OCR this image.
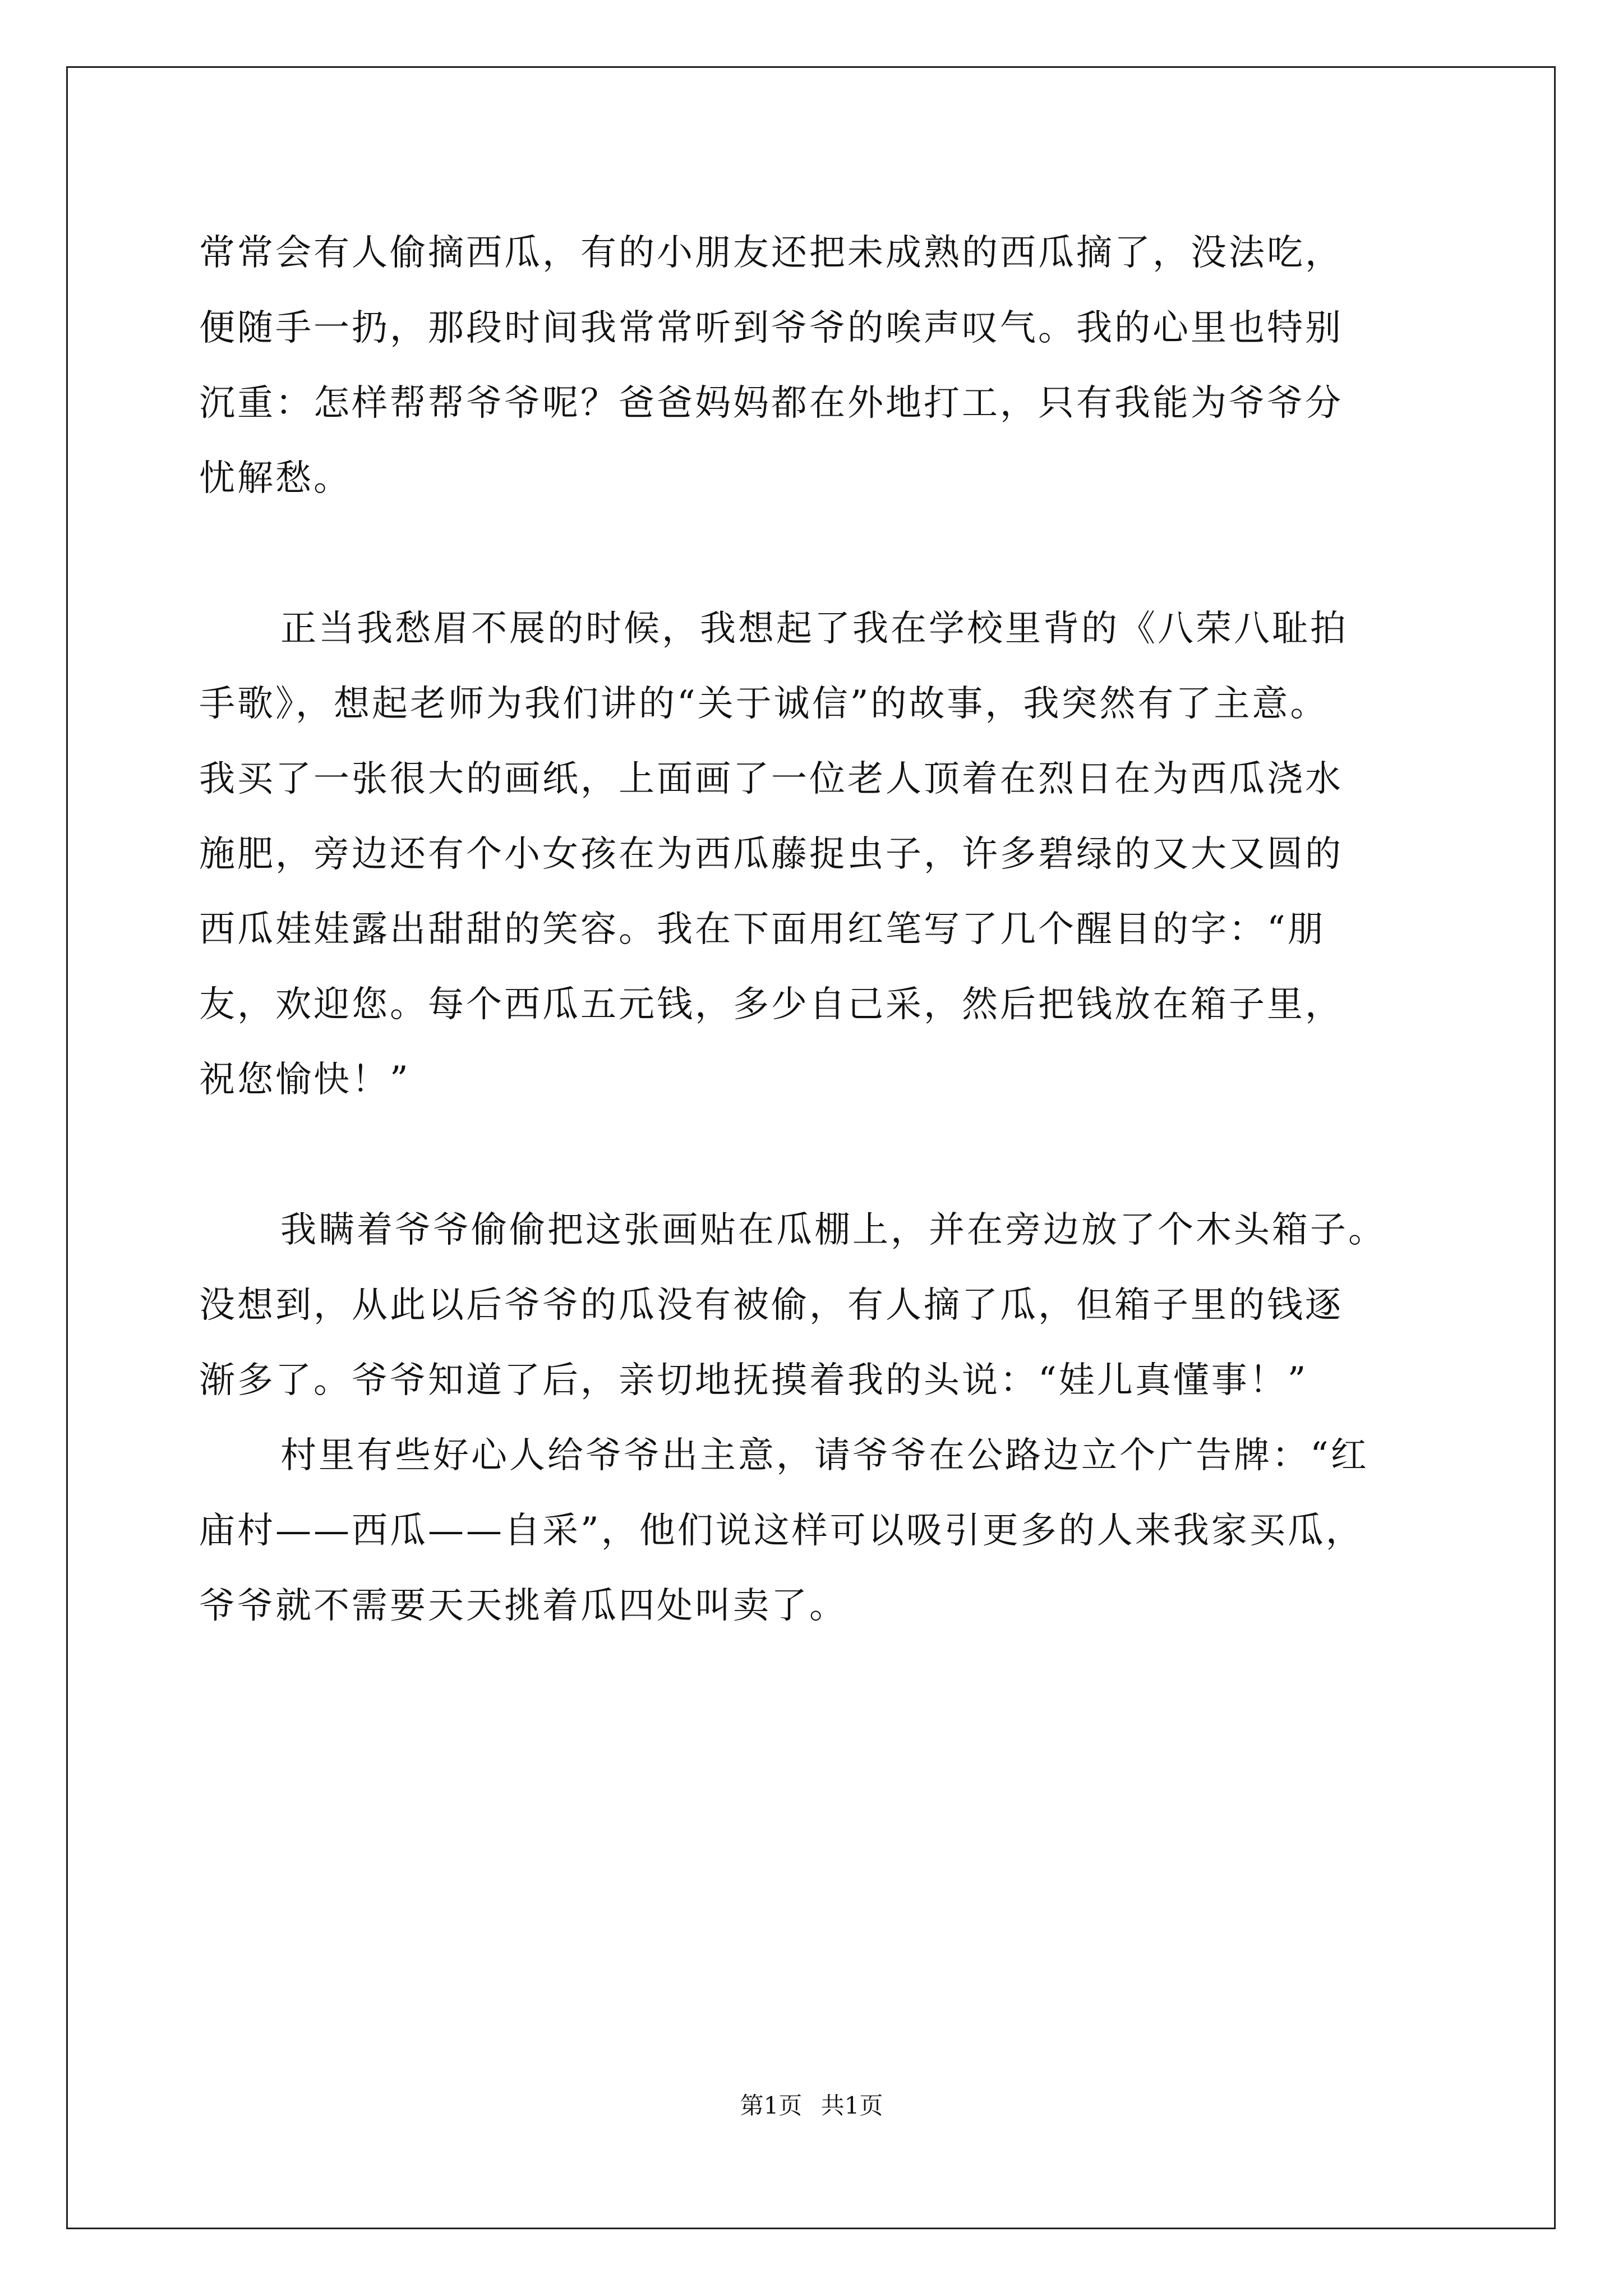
常常会有人偷摘西瓜，有的小朋友还把未成熟的西瓜摘了，没法吃，

便随手一扔，那段时间我常常听到爷爷的唉声叹气。我的心里也特别

沉重：怎样帮帮爷爷呢？爸爸妈妈都在外地打工，只有我能为爷爷分

忧解愁。

正当我愁眉不展的时候，我想起了我在学校里背的《八荣八耻拍

手歌》，想起老师为我们讲的“关于诚信”的故事，我突然有了主意。

我买了一张很大的画纸，上面画了一位老人顶着在烈日在为西瓜浇水

施肥，旁边还有个小女孩在为西瓜藤捉虫子，许多碧绿的又大又圆的

西瓜娃娃露出甜甜的笑容。我在下面用红笔写了几个醒目的字：“朋

友，欢迎您。每个西瓜五元钱，多少自己采，然后把钱放在箱子里，

祝您愉快！”

我瞒着爷爷偷偷把这张画贴在瓜棚上，并在旁边放了个木头箱子。

没想到，从此以后爷爷的瓜没有被偷，有人摘了瓜，但箱子里的钱逐

渐多了。爷爷知道了后，亲切地抚摸着我的头说：“娃儿真懂事！”

村里有些好心人给爷爷出主意，请爷爷在公路边立个广告牌：“红

庙村——西瓜——自采”，他们说这样可以吸引更多的人来我家买瓜，

爷爷就不需要天天挑着瓜四处叫卖了。

第1页 共1页
